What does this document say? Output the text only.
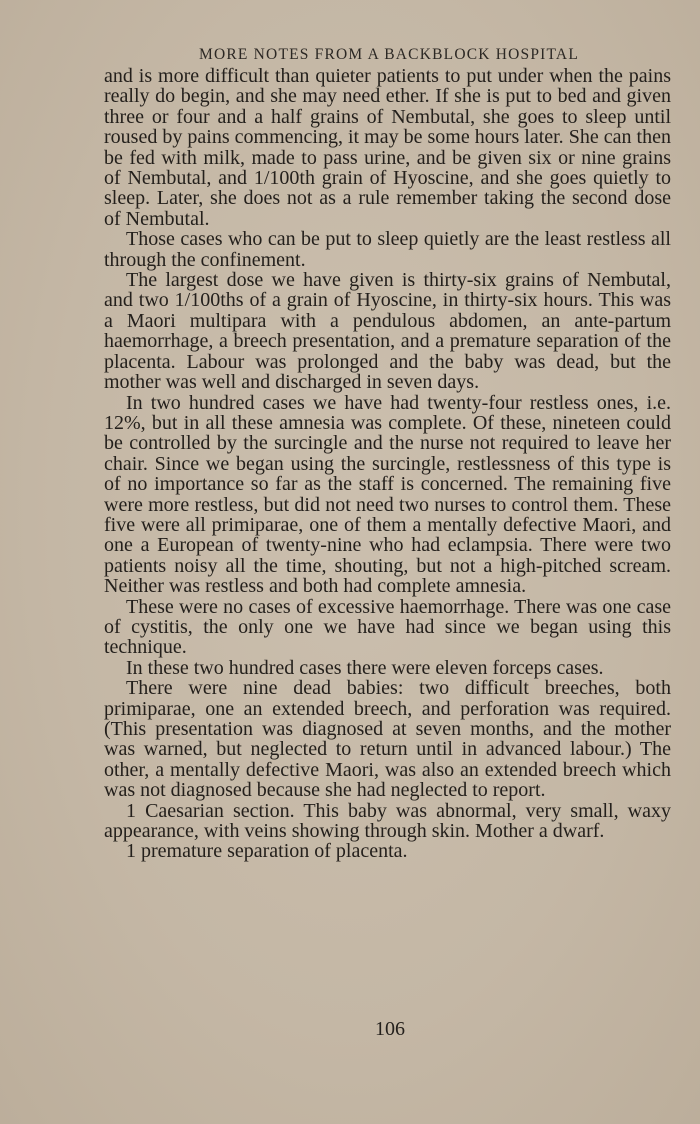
MORE NOTES FROM A BACKBLOCK HOSPITAL

and is more difficult than quieter patients to put under when the pains really do begin, and she may need ether. If she is put to bed and given three or four and a half grains of Nembutal, she goes to sleep until roused by pains commencing, it may be some hours later. She can then be fed with milk, made to pass urine, and be given six or nine grains of Nembutal, and 1/100th grain of Hyoscine, and she goes quietly to sleep. Later, she does not as a rule remember taking the second dose of Nembutal.

Those cases who can be put to sleep quietly are the least restless all through the confinement.

The largest dose we have given is thirty-six grains of Nembutal, and two 1/100ths of a grain of Hyoscine, in thirty-six hours. This was a Maori multipara with a pendulous abdomen, an ante-partum haemorrhage, a breech presentation, and a premature separation of the placenta. Labour was prolonged and the baby was dead, but the mother was well and discharged in seven days.

In two hundred cases we have had twenty-four restless ones, i.e. 12%, but in all these amnesia was complete. Of these, nineteen could be controlled by the surcingle and the nurse not required to leave her chair. Since we began using the surcingle, restlessness of this type is of no importance so far as the staff is concerned. The remaining five were more restless, but did not need two nurses to control them. These five were all primiparae, one of them a mentally defective Maori, and one a European of twenty-nine who had eclampsia. There were two patients noisy all the time, shouting, but not a high-pitched scream. Neither was restless and both had complete amnesia.

These were no cases of excessive haemorrhage. There was one case of cystitis, the only one we have had since we began using this technique.

In these two hundred cases there were eleven forceps cases.

There were nine dead babies: two difficult breeches, both primiparae, one an extended breech, and perforation was required. (This presentation was diagnosed at seven months, and the mother was warned, but neglected to return until in advanced labour.) The other, a mentally defective Maori, was also an extended breech which was not diagnosed because she had neglected to report.

1 Caesarian section. This baby was abnormal, very small, waxy appearance, with veins showing through skin. Mother a dwarf.

1 premature separation of placenta.

106
